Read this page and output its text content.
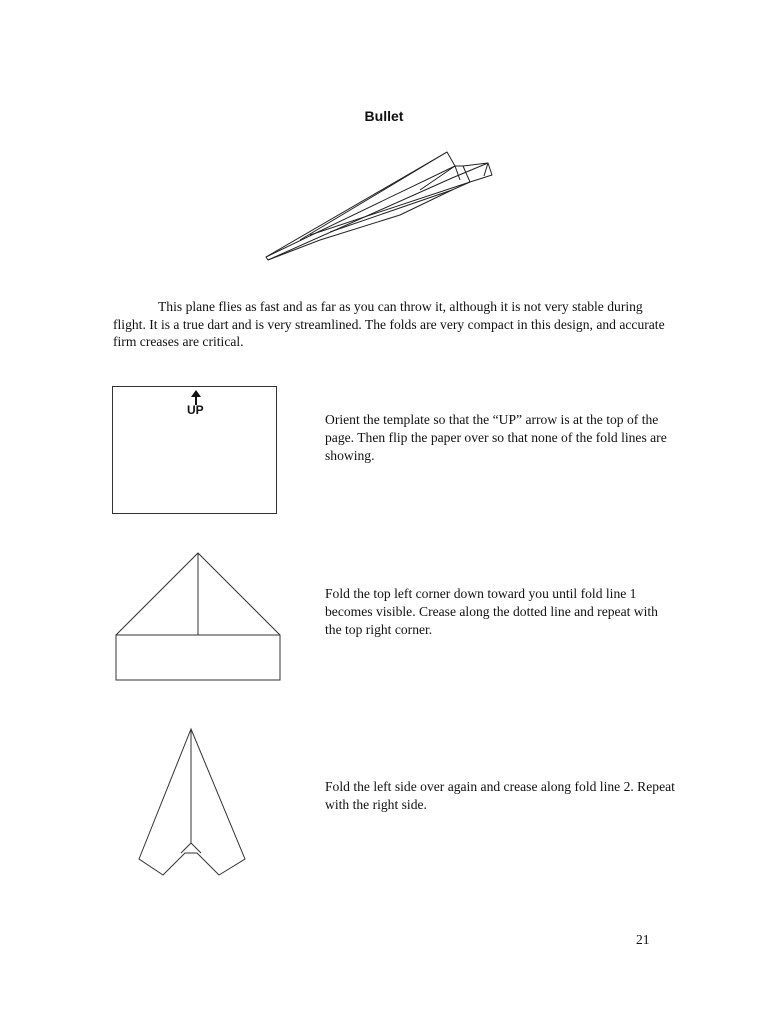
Bullet

This plane flies as fast and as far as you can throw it, although it is not very stable during flight. It is a true dart and is very streamlined. The folds are very compact in this design, and accurate firm creases are critical.

UP

Orient the template so that the “UP” arrow is at the top of the page. Then flip the paper over so that none of the fold lines are showing.

Fold the top left corner down toward you until fold line 1 becomes visible. Crease along the dotted line and repeat with the top right corner.

Fold the left side over again and crease along fold line 2. Repeat with the right side.

21
